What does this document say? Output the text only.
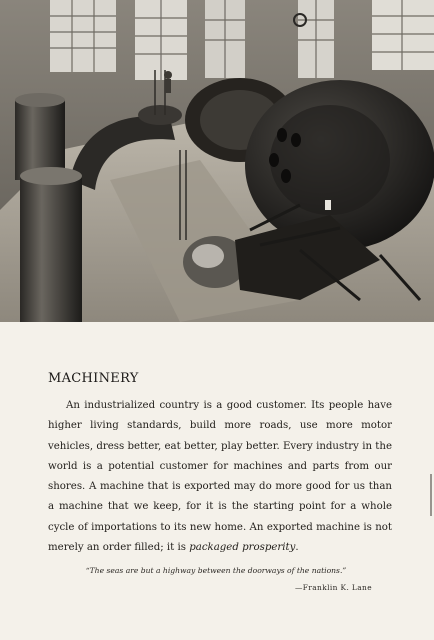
MACHINERY

An industrialized country is a good customer. Its people have higher living standards, build more roads, use more motor vehicles, dress better, eat better, play better. Every industry in the world is a potential customer for machines and parts from our shores. A machine that is exported may do more good for us than a machine that we keep, for it is the starting point for a whole cycle of importations to its new home. An exported machine is not merely an order filled; it is packaged prosperity.

“The seas are but a highway between the doorways of the nations.”

—Franklin K. Lane
